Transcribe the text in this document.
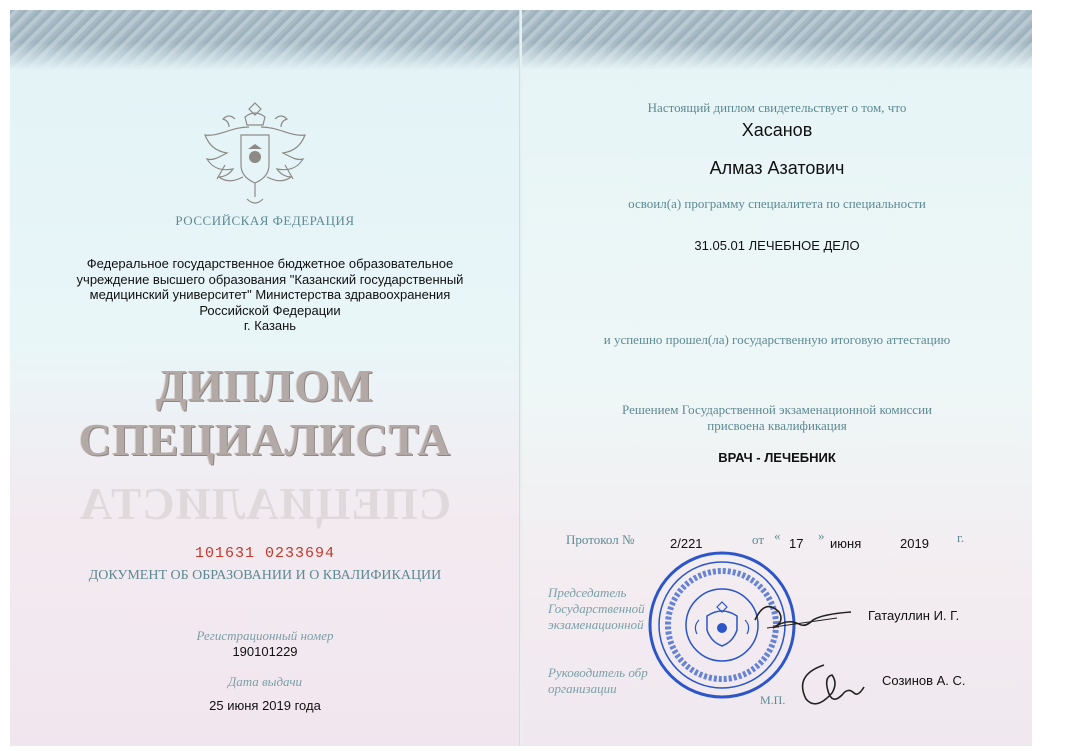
РОССИЙСКАЯ ФЕДЕРАЦИЯ
Федеральное государственное бюджетное образовательное
учреждение высшего образования "Казанский государственный
медицинский университет" Министерства здравоохранения
Российской Федерации
г. Казань
ДИПЛОМ
СПЕЦИАЛИСТА
СПЕЦИАЛИСТА
101631 0233694
ДОКУМЕНТ ОБ ОБРАЗОВАНИИ И О КВАЛИФИКАЦИИ
Регистрационный номер
190101229
Дата выдачи
25 июня 2019 года
Настоящий диплом свидетельствует о том, что
Хасанов
Алмаз Азатович
освоил(а) программу специалитета по специальности
31.05.01 ЛЕЧЕБНОЕ ДЕЛО
и успешно прошел(ла) государственную итоговую аттестацию
Решением Государственной экзаменационной комиссии
присвоена квалификация
ВРАЧ - ЛЕЧЕБНИК
Протокол №	2/221	от «
17
»
июня	2019 г.
Председатель
Государственной
экзаменационной
Гатауллин И. Г.
Руководитель обр
организации
Созинов А. С.
М.П.
